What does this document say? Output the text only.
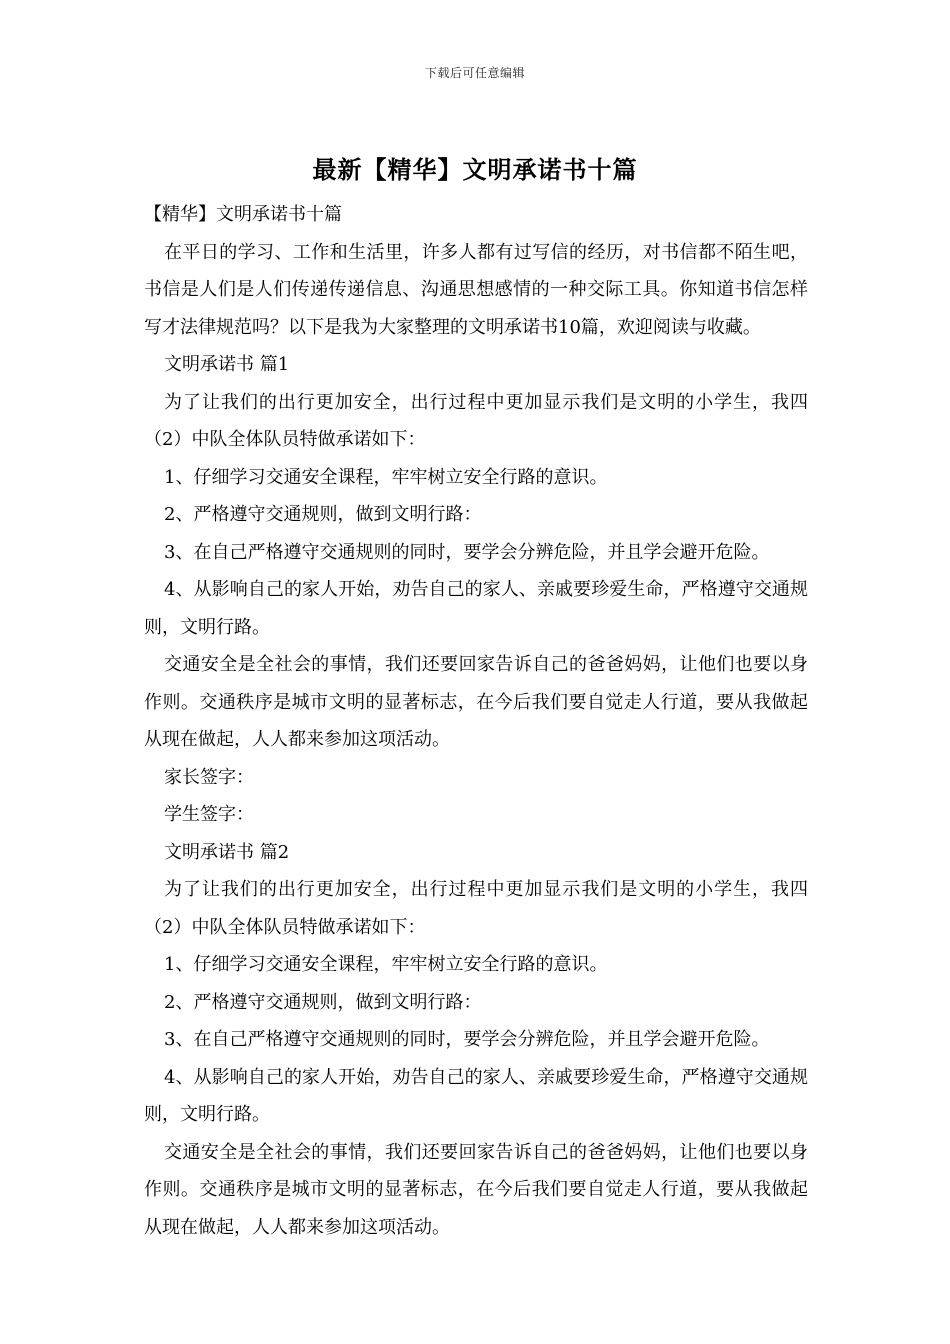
下载后可任意编辑
最新【精华】文明承诺书十篇

【精华】文明承诺书十篇

在平日的学习、工作和生活里，许多人都有过写信的经历，对书信都不陌生吧，书信是人们是人们传递传递信息、沟通思想感情的一种交际工具。你知道书信怎样写才法律规范吗？以下是我为大家整理的文明承诺书10篇，欢迎阅读与收藏。

文明承诺书 篇1

为了让我们的出行更加安全，出行过程中更加显示我们是文明的小学生，我四（2）中队全体队员特做承诺如下：

1、仔细学习交通安全课程，牢牢树立安全行路的意识。

2、严格遵守交通规则，做到文明行路：

3、在自己严格遵守交通规则的同时，要学会分辨危险，并且学会避开危险。

4、从影响自己的家人开始，劝告自己的家人、亲戚要珍爱生命，严格遵守交通规则，文明行路。

交通安全是全社会的事情，我们还要回家告诉自己的爸爸妈妈，让他们也要以身作则。交通秩序是城市文明的显著标志，在今后我们要自觉走人行道，要从我做起从现在做起，人人都来参加这项活动。

家长签字：

学生签字：

文明承诺书 篇2

为了让我们的出行更加安全，出行过程中更加显示我们是文明的小学生，我四（2）中队全体队员特做承诺如下：

1、仔细学习交通安全课程，牢牢树立安全行路的意识。

2、严格遵守交通规则，做到文明行路：

3、在自己严格遵守交通规则的同时，要学会分辨危险，并且学会避开危险。

4、从影响自己的家人开始，劝告自己的家人、亲戚要珍爱生命，严格遵守交通规则，文明行路。

交通安全是全社会的事情，我们还要回家告诉自己的爸爸妈妈，让他们也要以身作则。交通秩序是城市文明的显著标志，在今后我们要自觉走人行道，要从我做起从现在做起，人人都来参加这项活动。
